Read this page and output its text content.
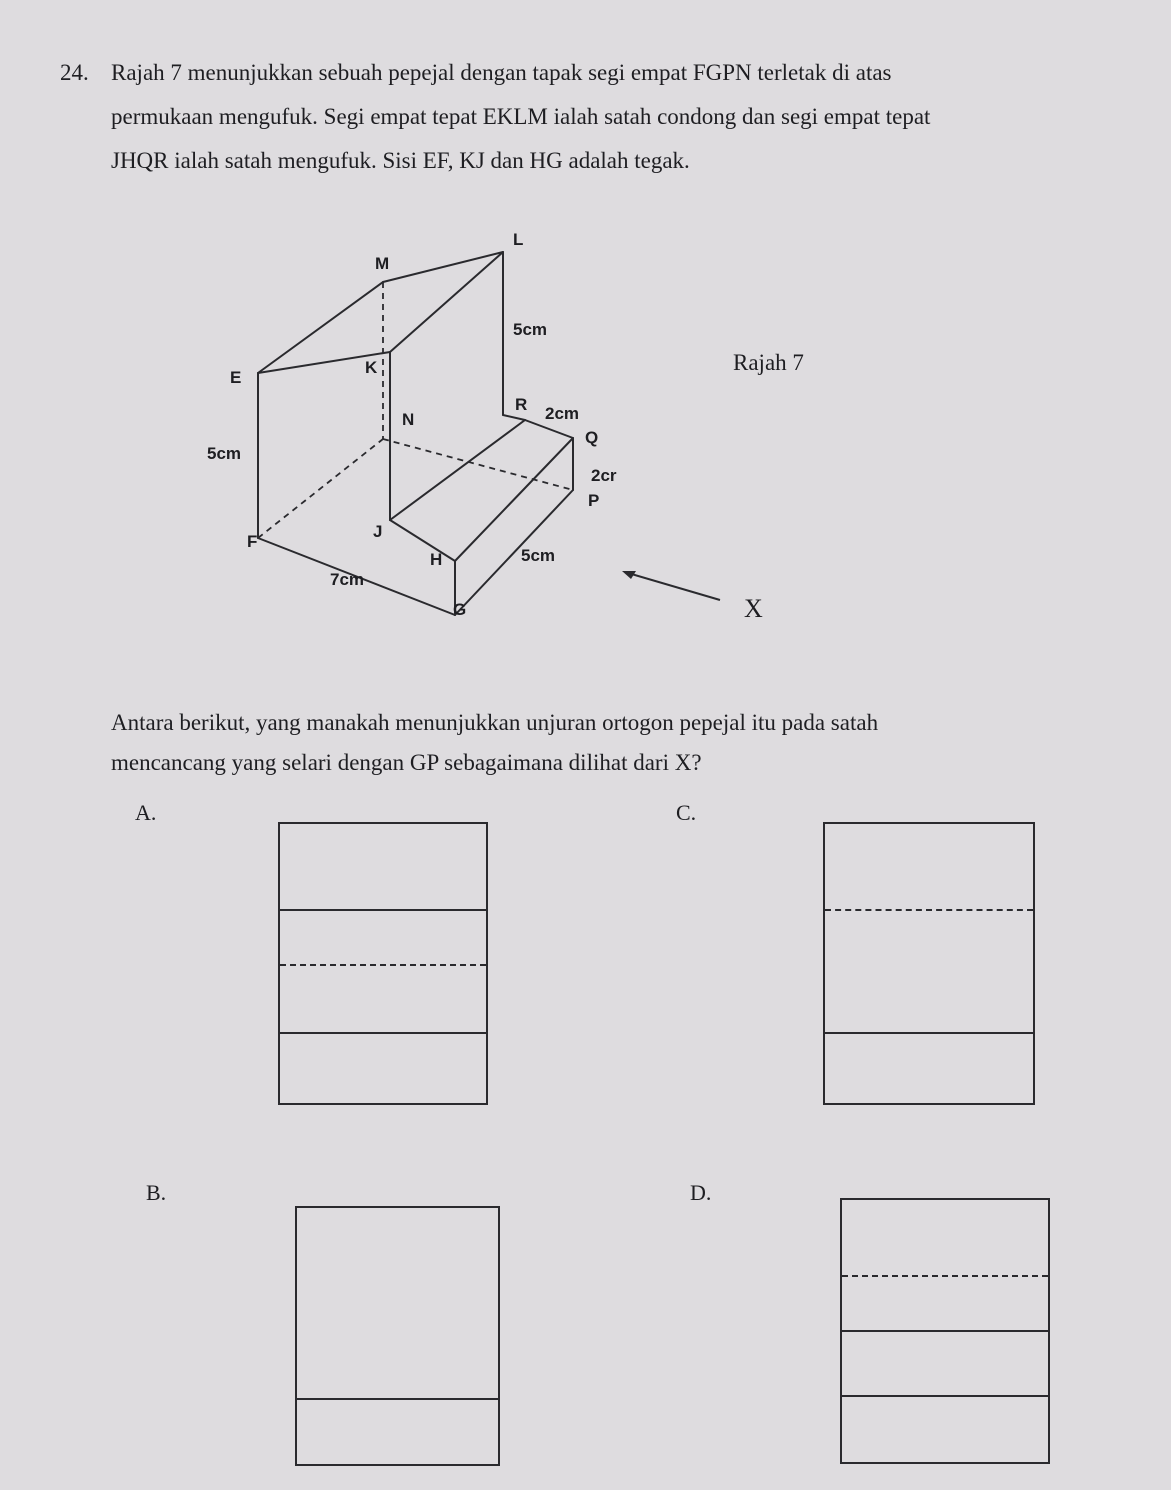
24. Rajah 7 menunjukkan sebuah pepejal dengan tapak segi empat FGPN terletak di atas
permukaan mengufuk. Segi empat tepat EKLM ialah satah condong dan segi empat tepat
JHQR ialah satah mengufuk. Sisi EF, KJ dan HG adalah tegak.
L
M
E
K
N
R
Q
P
F
J
H
G
5cm
2cm
2cr
5cm
7cm
5cm
Rajah 7
X
Antara berikut, yang manakah menunjukkan unjuran ortogon pepejal itu pada satah
mencancang yang selari dengan GP sebagaimana dilihat dari X?
A.	C.
B.	D.
